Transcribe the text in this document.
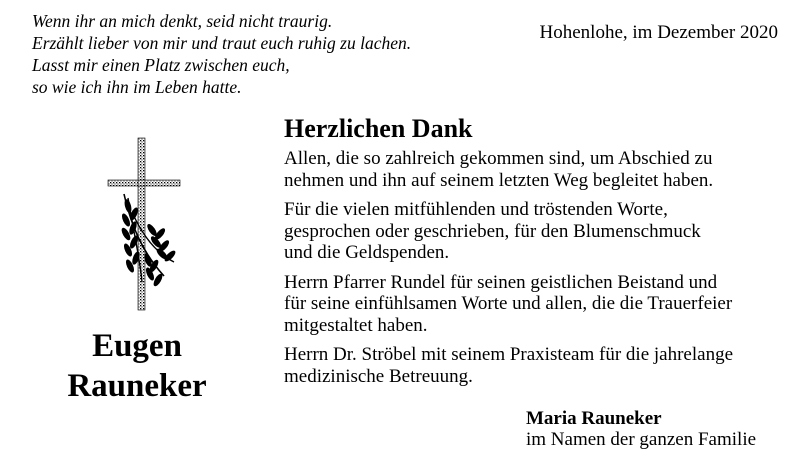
Wenn ihr an mich denkt, seid nicht traurig.
Erzählt lieber von mir und traut euch ruhig zu lachen.
Lasst mir einen Platz zwischen euch,
so wie ich ihn im Leben hatte.
Hohenlohe, im Dezember 2020
Eugen
Rauneker
Herzlichen Dank
Allen, die so zahlreich gekommen sind, um Abschied zu
nehmen und ihn auf seinem letzten Weg begleitet haben.
Für die vielen mitfühlenden und tröstenden Worte,
gesprochen oder geschrieben, für den Blumenschmuck
und die Geldspenden.
Herrn Pfarrer Rundel für seinen geistlichen Beistand und
für seine einfühlsamen Worte und allen, die die Trauerfeier
mitgestaltet haben.
Herrn Dr. Ströbel mit seinem Praxisteam für die jahrelange
medizinische Betreuung.
Maria Rauneker
im Namen der ganzen Familie
